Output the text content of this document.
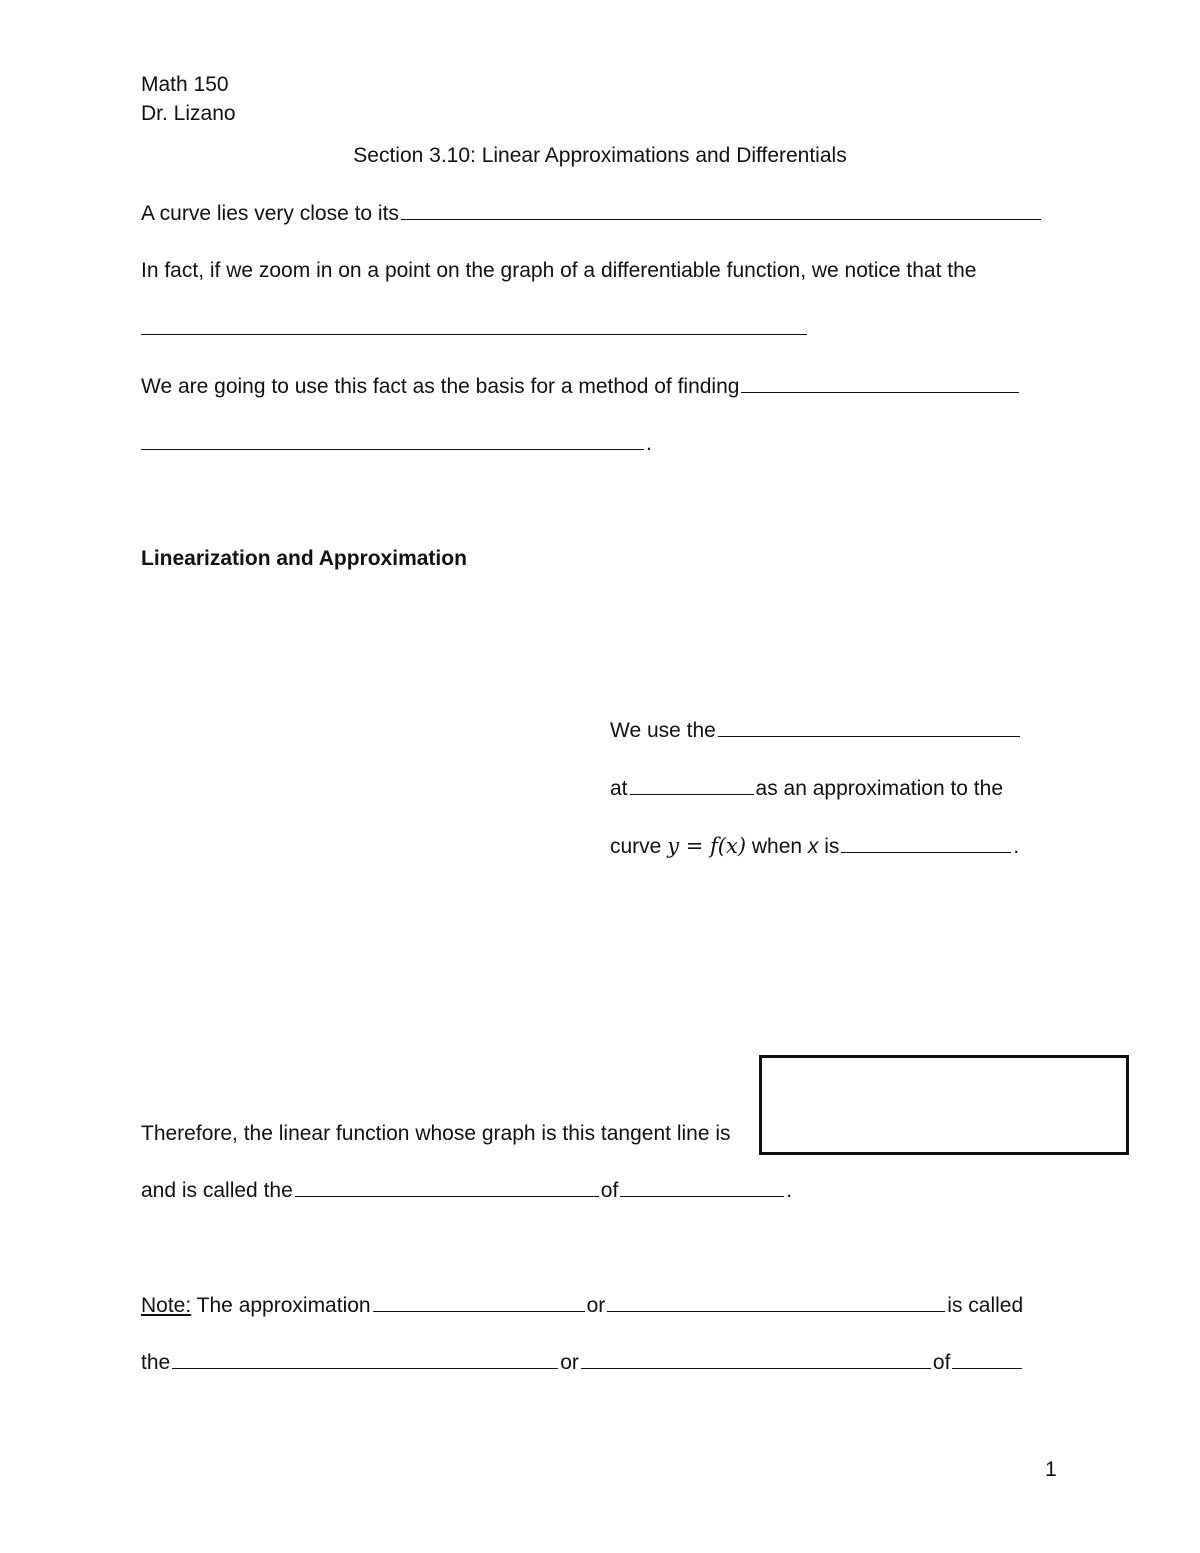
Math 150
Dr. Lizano
Section 3.10: Linear Approximations and Differentials
A curve lies very close to its
In fact, if we zoom in on a point on the graph of a differentiable function, we notice that the
We are going to use this fact as the basis for a method of finding
.
Linearization and Approximation
We use the
at	as an approximation to the
curve y = f(x) when x is	.
Therefore, the linear function whose graph is this tangent line is
and is called the	of	.
Note: The approximation	or	is called
the	or	of
1
